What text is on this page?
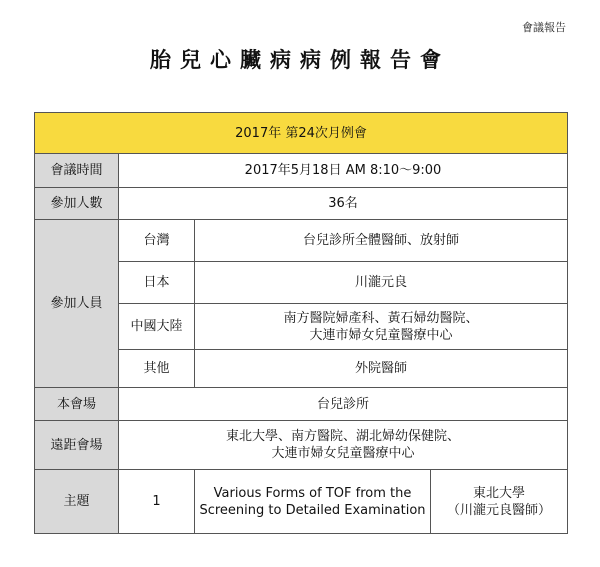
會議報告
胎兒心臟病病例報告會
2017年 第24次月例會			
會議時間	2017年5月18日 AM 8:10～9:00		
參加人數	36名		
參加人員	台灣	台兒診所全體醫師、放射師	
	日本	川瀧元良	
	中國大陸	南方醫院婦產科、黃石婦幼醫院、
大連市婦女兒童醫療中心	

	其他	外院醫師	
本會場	台兒診所		
遠距會場	東北大學、南方醫院、湖北婦幼保健院、
大連市婦女兒童醫療中心		

主題	1	Various Forms of TOF from the Screening to Detailed Examination	東北大學
（川瀧元良醫師）
